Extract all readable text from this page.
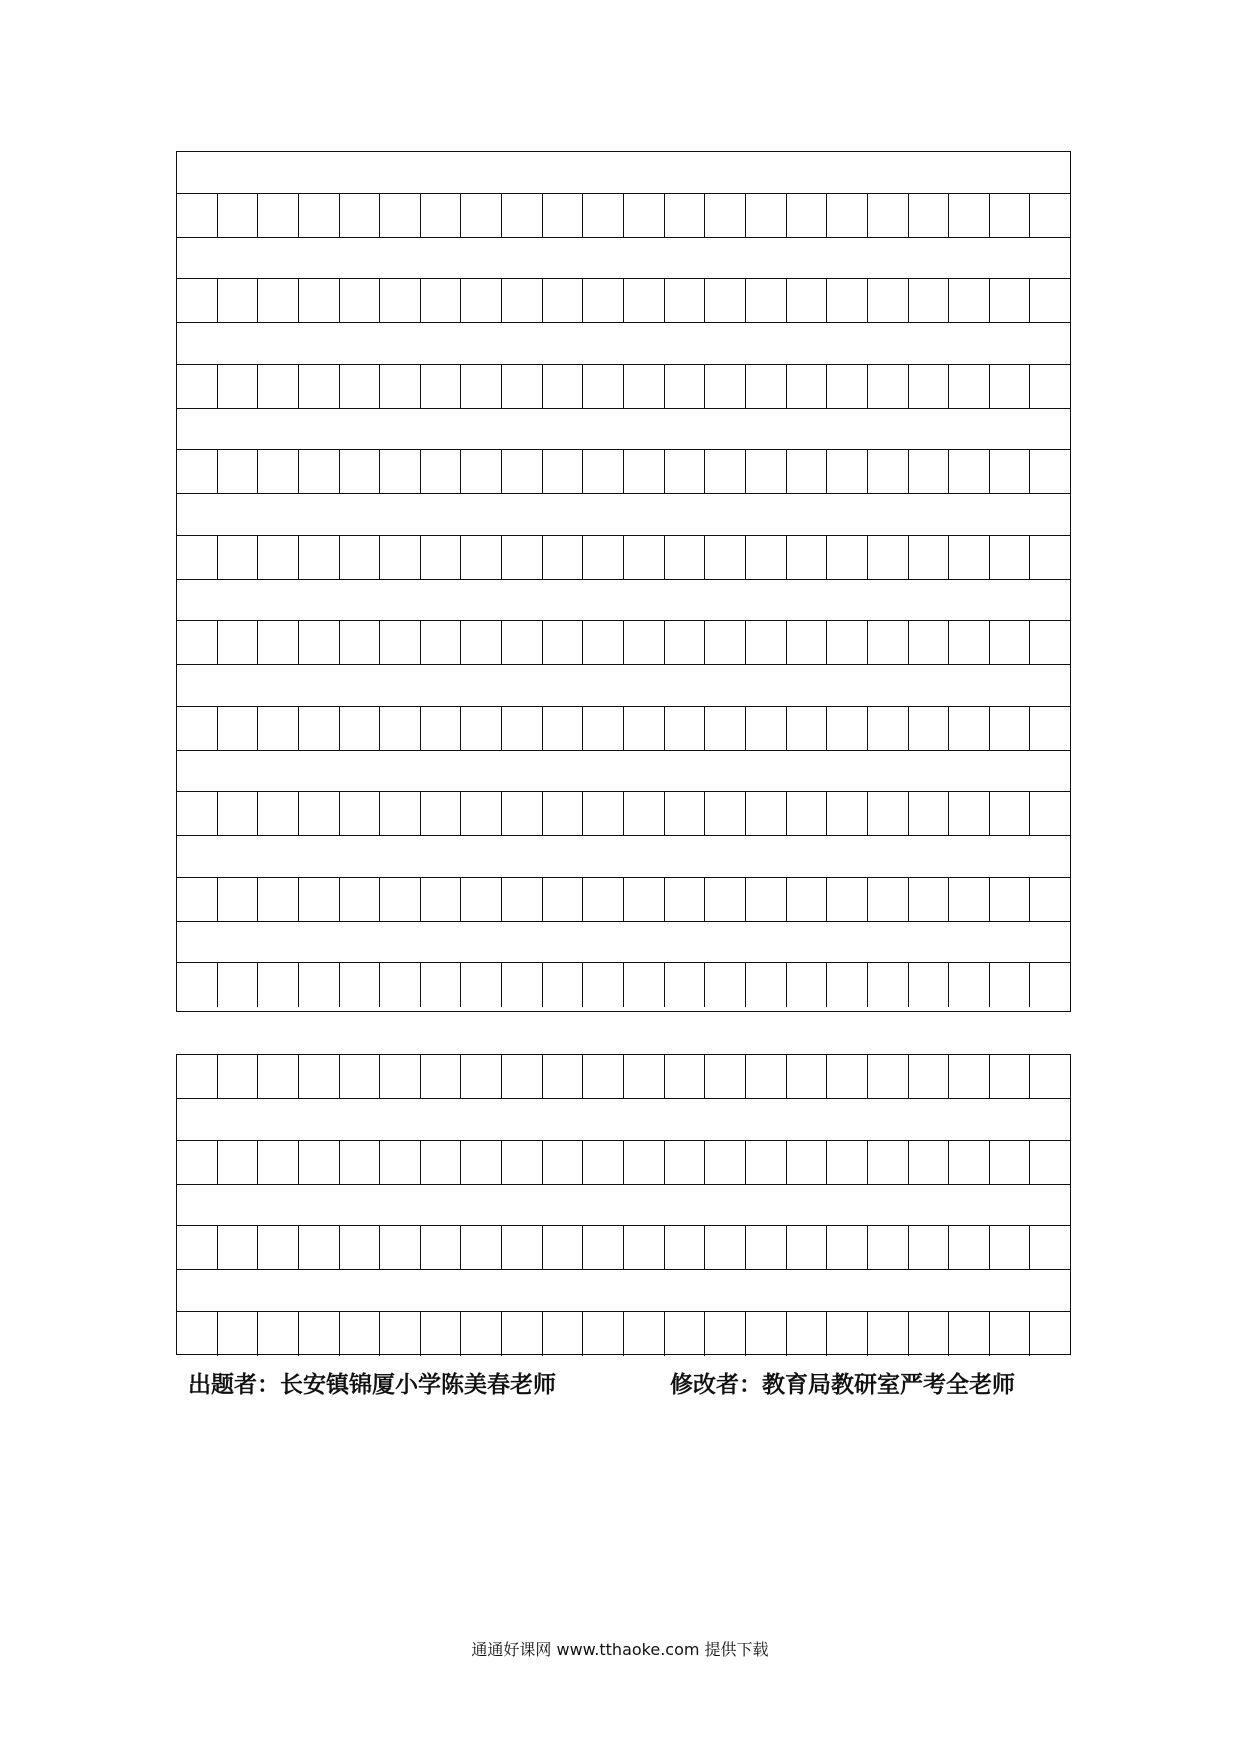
出题者：长安镇锦厦小学陈美春老师	修改者：教育局教研室严考全老师
通通好课网 www.tthaoke.com 提供下载
